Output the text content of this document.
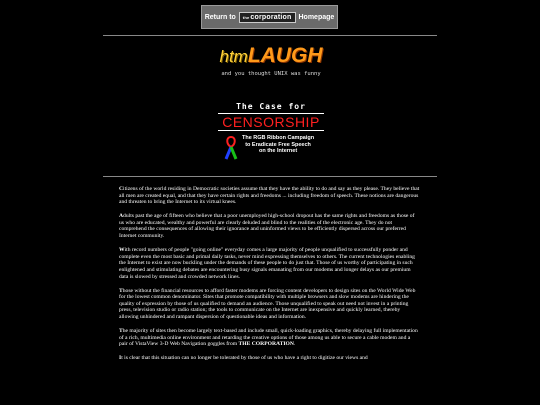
Return to the corporation Homepage
htmLAUGH
and you thought UNIX was funny
The Case for
CENSORSHIP
The RGB Ribbon Campaign
to Eradicate Free Speech
on the Internet

Citizens of the world residing in Democratic societies assume that they have the ability to do and say as they please. They believe that all men are created equal, and that they have certain rights and freedoms ... including freedom of speech. These notions are dangerous and threaten to bring the Internet to its virtual knees.

Adults past the age of fifteen who believe that a poor unemployed high-school dropout has the same rights and freedoms as those of us who are educated, wealthy and powerful are clearly deluded and blind to the realities of the electronic age. They do not comprehend the consequences of allowing their ignorance and uninformed views to be efficiently dispersed across our preferred Internet community.

With record numbers of people "going online" everyday comes a large majority of people unqualified to successfully ponder and complete even the most basic and primal daily tasks, never mind expressing themselves to others. The current technologies enabling the Internet to exist are now buckling under the demands of these people to do just that. Those of us worthy of participating in such enlightened and stimulating debates are encountering busy signals emanating from our modems and longer delays as our premium data is slowed by stressed and crowded network lines.

Those without the financial resources to afford faster modems are forcing content developers to design sites on the World Wide Web for the lowest common denominator. Sites that promote compatibility with multiple browsers and slow modems are hindering the quality of expression by those of us qualified to demand an audience. Those unqualified to speak out need not invest in a printing press, television studio or radio station; the tools to communicate on the Internet are inexpensive and quickly learned, thereby allowing unhindered and rampant dispersion of questionable ideas and information.

The majority of sites then become largely text-based and include small, quick-loading graphics, thereby delaying full implementation of a rich, multimedia online environment and retarding the creative options of those among us able to secure a cable modem and a pair of VistaView 3-D Web Navigation goggles from THE CORPORATION.

It is clear that this situation can no longer be tolerated by those of us who have a right to digitize our views and
